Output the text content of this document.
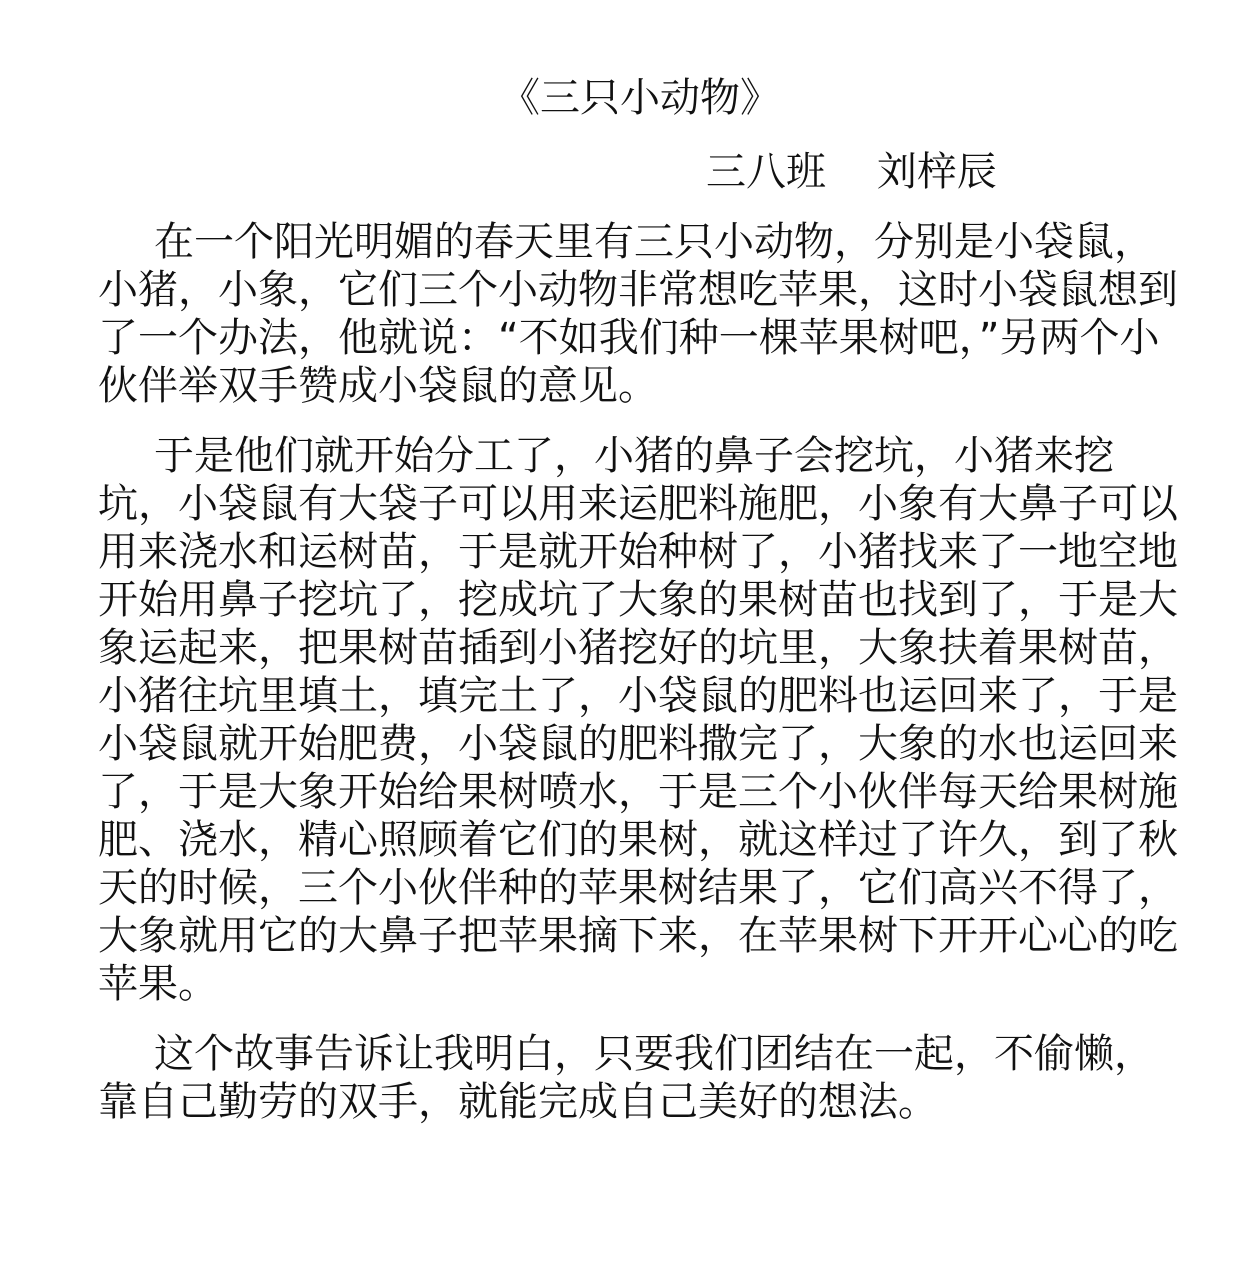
《三只小动物》

三八班    刘梓辰

在一个阳光明媚的春天里有三只小动物，分别是小袋鼠，小猪，小象，它们三个小动物非常想吃苹果，这时小袋鼠想到了一个办法，他就说：“不如我们种一棵苹果树吧，”另两个小伙伴举双手赞成小袋鼠的意见。

于是他们就开始分工了，小猪的鼻子会挖坑，小猪来挖坑，小袋鼠有大袋子可以用来运肥料施肥，小象有大鼻子可以用来浇水和运树苗，于是就开始种树了，小猪找来了一地空地开始用鼻子挖坑了，挖成坑了大象的果树苗也找到了，于是大象运起来，把果树苗插到小猪挖好的坑里，大象扶着果树苗，小猪往坑里填土，填完土了，小袋鼠的肥料也运回来了，于是小袋鼠就开始肥费，小袋鼠的肥料撒完了，大象的水也运回来了，于是大象开始给果树喷水，于是三个小伙伴每天给果树施肥、浇水，精心照顾着它们的果树，就这样过了许久，到了秋天的时候，三个小伙伴种的苹果树结果了，它们高兴不得了，大象就用它的大鼻子把苹果摘下来，在苹果树下开开心心的吃苹果。

这个故事告诉让我明白，只要我们团结在一起，不偷懒，靠自己勤劳的双手，就能完成自己美好的想法。
